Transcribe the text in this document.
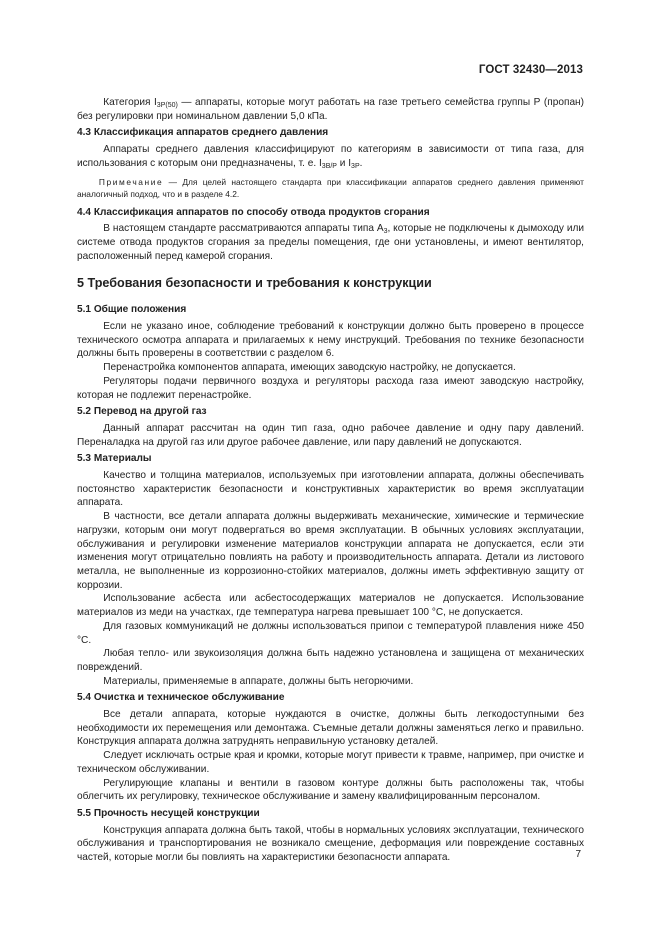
ГОСТ 32430—2013

Категория $I_{3P(50)}$ — аппараты, которые могут работать на газе третьего семейства группы Р (пропан) без регулировки при номинальном давлении 5,0 кПа.

4.3 Классификация аппаратов среднего давления

Аппараты среднего давления классифицируют по категориям в зависимости от типа газа, для использования с которым они предназначены, т. е. $I_{3B/P}$ и $I_{3P}$.

Примечание — Для целей настоящего стандарта при классификации аппаратов среднего давления применяют аналогичный подход, что и в разделе 4.2.
4.4 Классификация аппаратов по способу отвода продуктов сгорания

В настоящем стандарте рассматриваются аппараты типа $А_3$, которые не подключены к дымоходу или системе отвода продуктов сгорания за пределы помещения, где они установлены, и имеют вентилятор, расположенный перед камерой сгорания.

5 Требования безопасности и требования к конструкции
5.1 Общие положения

Если не указано иное, соблюдение требований к конструкции должно быть проверено в процессе технического осмотра аппарата и прилагаемых к нему инструкций. Требования по технике безопасности должны быть проверены в соответствии с разделом 6.

Перенастройка компонентов аппарата, имеющих заводскую настройку, не допускается.

Регуляторы подачи первичного воздуха и регуляторы расхода газа имеют заводскую настройку, которая не подлежит перенастройке.

5.2 Перевод на другой газ

Данный аппарат рассчитан на один тип газа, одно рабочее давление и одну пару давлений. Переналадка на другой газ или другое рабочее давление, или пару давлений не допускаются.

5.3 Материалы

Качество и толщина материалов, используемых при изготовлении аппарата, должны обеспечивать постоянство характеристик безопасности и конструктивных характеристик во время эксплуатации аппарата.

В частности, все детали аппарата должны выдерживать механические, химические и термические нагрузки, которым они могут подвергаться во время эксплуатации. В обычных условиях эксплуатации, обслуживания и регулировки изменение материалов конструкции аппарата не допускается, если эти изменения могут отрицательно повлиять на работу и производительность аппарата. Детали из листового металла, не выполненные из коррозионно-стойких материалов, должны иметь эффективную защиту от коррозии.

Использование асбеста или асбестосодержащих материалов не допускается. Использование материалов из меди на участках, где температура нагрева превышает 100 °С, не допускается.

Для газовых коммуникаций не должны использоваться припои с температурой плавления ниже 450 °С.

Любая тепло- или звукоизоляция должна быть надежно установлена и защищена от механических повреждений.

Материалы, применяемые в аппарате, должны быть негорючими.

5.4 Очистка и техническое обслуживание

Все детали аппарата, которые нуждаются в очистке, должны быть легкодоступными без необходимости их перемещения или демонтажа. Съемные детали должны заменяться легко и правильно. Конструкция аппарата должна затруднять неправильную установку деталей.

Следует исключать острые края и кромки, которые могут привести к травме, например, при очистке и техническом обслуживании.

Регулирующие клапаны и вентили в газовом контуре должны быть расположены так, чтобы облегчить их регулировку, техническое обслуживание и замену квалифицированным персоналом.

5.5 Прочность несущей конструкции

Конструкция аппарата должна быть такой, чтобы в нормальных условиях эксплуатации, технического обслуживания и транспортирования не возникало смещение, деформация или повреждение составных частей, которые могли бы повлиять на характеристики безопасности аппарата.	7
